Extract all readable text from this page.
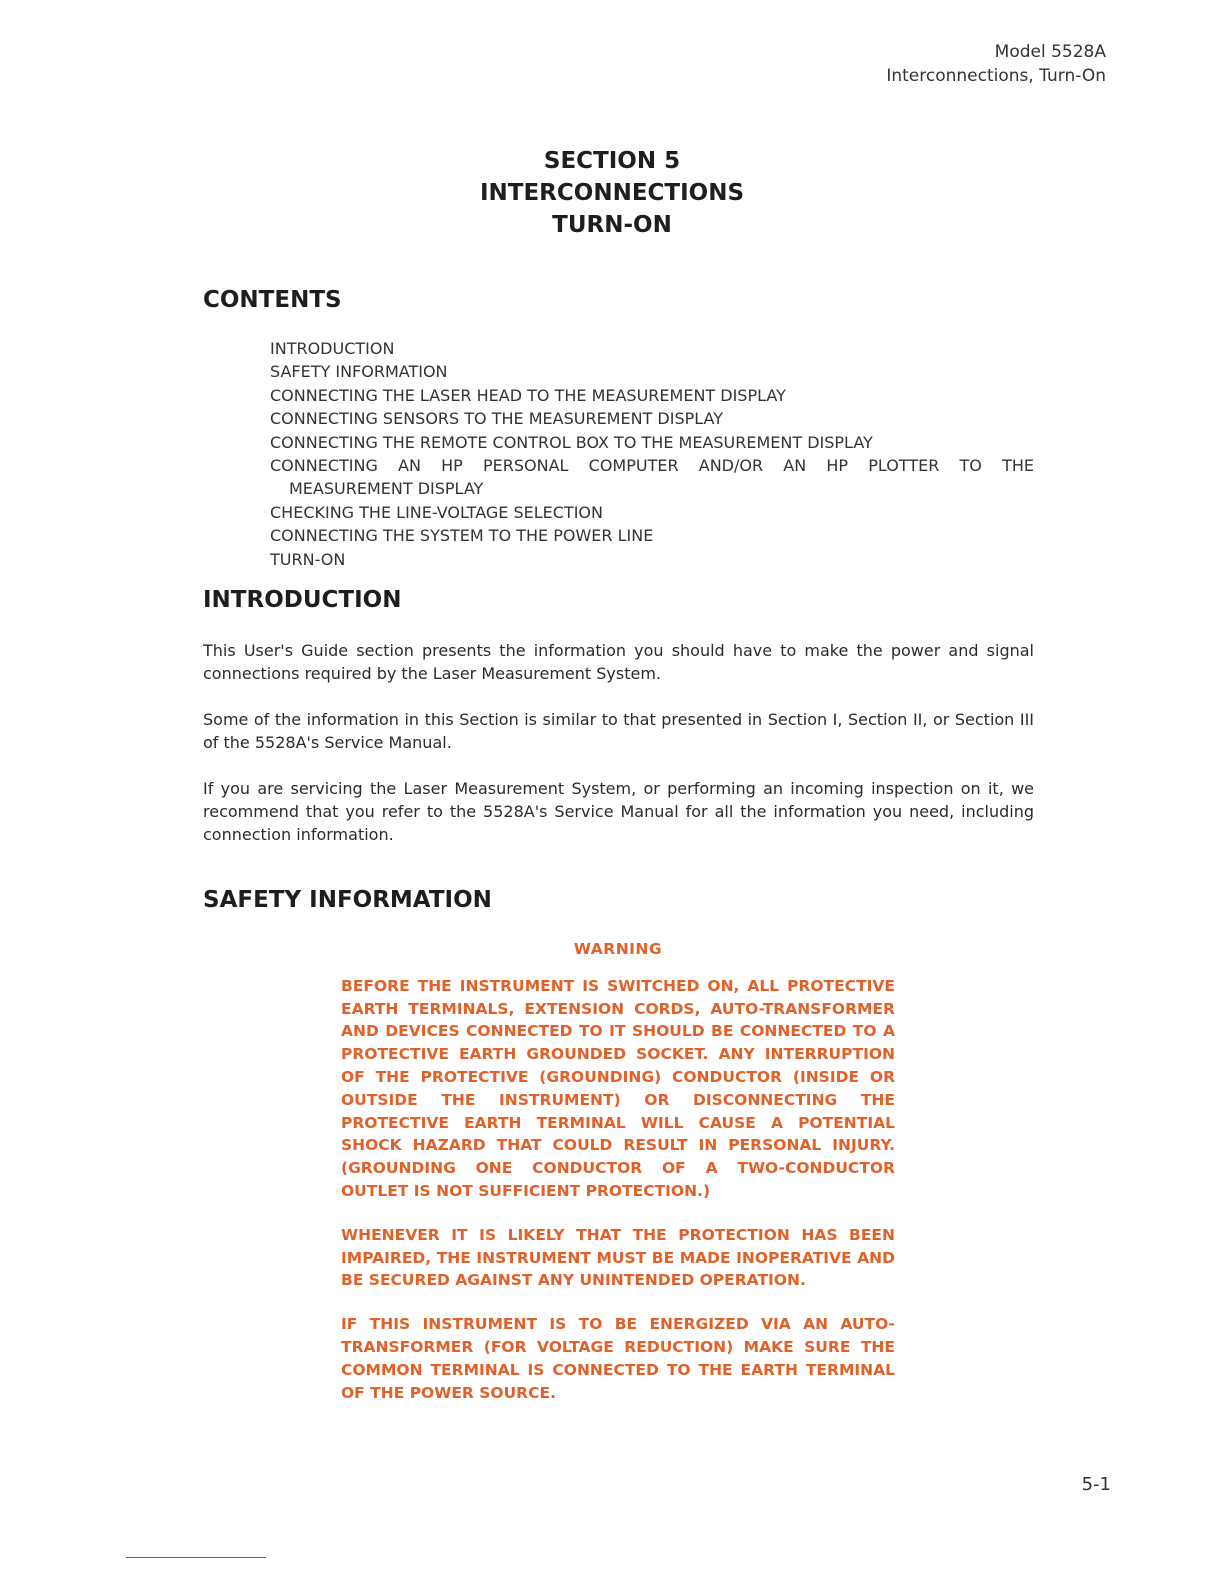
Model 5528A
Interconnections, Turn-On
SECTION 5
INTERCONNECTIONS
TURN-ON
CONTENTS
INTRODUCTION
SAFETY INFORMATION
CONNECTING THE LASER HEAD TO THE MEASUREMENT DISPLAY
CONNECTING SENSORS TO THE MEASUREMENT DISPLAY
CONNECTING THE REMOTE CONTROL BOX TO THE MEASUREMENT DISPLAY
CONNECTING AN HP PERSONAL COMPUTER AND/OR AN HP PLOTTER TO THE
MEASUREMENT DISPLAY
CHECKING THE LINE-VOLTAGE SELECTION
CONNECTING THE SYSTEM TO THE POWER LINE
TURN-ON
INTRODUCTION

This User's Guide section presents the information you should have to make the power and signal connections required by the Laser Measurement System.

Some of the information in this Section is similar to that presented in Section I, Section II, or Section III of the 5528A's Service Manual.

If you are servicing the Laser Measurement System, or performing an incoming inspection on it, we recommend that you refer to the 5528A's Service Manual for all the information you need, including connection information.

SAFETY INFORMATION
WARNING

BEFORE THE INSTRUMENT IS SWITCHED ON, ALL PROTECTIVE EARTH TERMINALS, EXTENSION CORDS, AUTO-TRANSFORMER AND DEVICES CONNECTED TO IT SHOULD BE CONNECTED TO A PROTECTIVE EARTH GROUNDED SOCKET. ANY INTERRUPTION OF THE PROTECTIVE (GROUNDING) CONDUCTOR (INSIDE OR OUTSIDE THE INSTRUMENT) OR DISCONNECTING THE PROTECTIVE EARTH TERMINAL WILL CAUSE A POTENTIAL SHOCK HAZARD THAT COULD RESULT IN PERSONAL INJURY. (GROUNDING ONE CONDUCTOR OF A TWO-CONDUCTOR OUTLET IS NOT SUFFICIENT PROTECTION.)

WHENEVER IT IS LIKELY THAT THE PROTECTION HAS BEEN IMPAIRED, THE INSTRUMENT MUST BE MADE INOPERATIVE AND BE SECURED AGAINST ANY UNINTENDED OPERATION.

IF THIS INSTRUMENT IS TO BE ENERGIZED VIA AN AUTO-TRANSFORMER (FOR VOLTAGE REDUCTION) MAKE SURE THE COMMON TERMINAL IS CONNECTED TO THE EARTH TERMINAL OF THE POWER SOURCE.

5-1
